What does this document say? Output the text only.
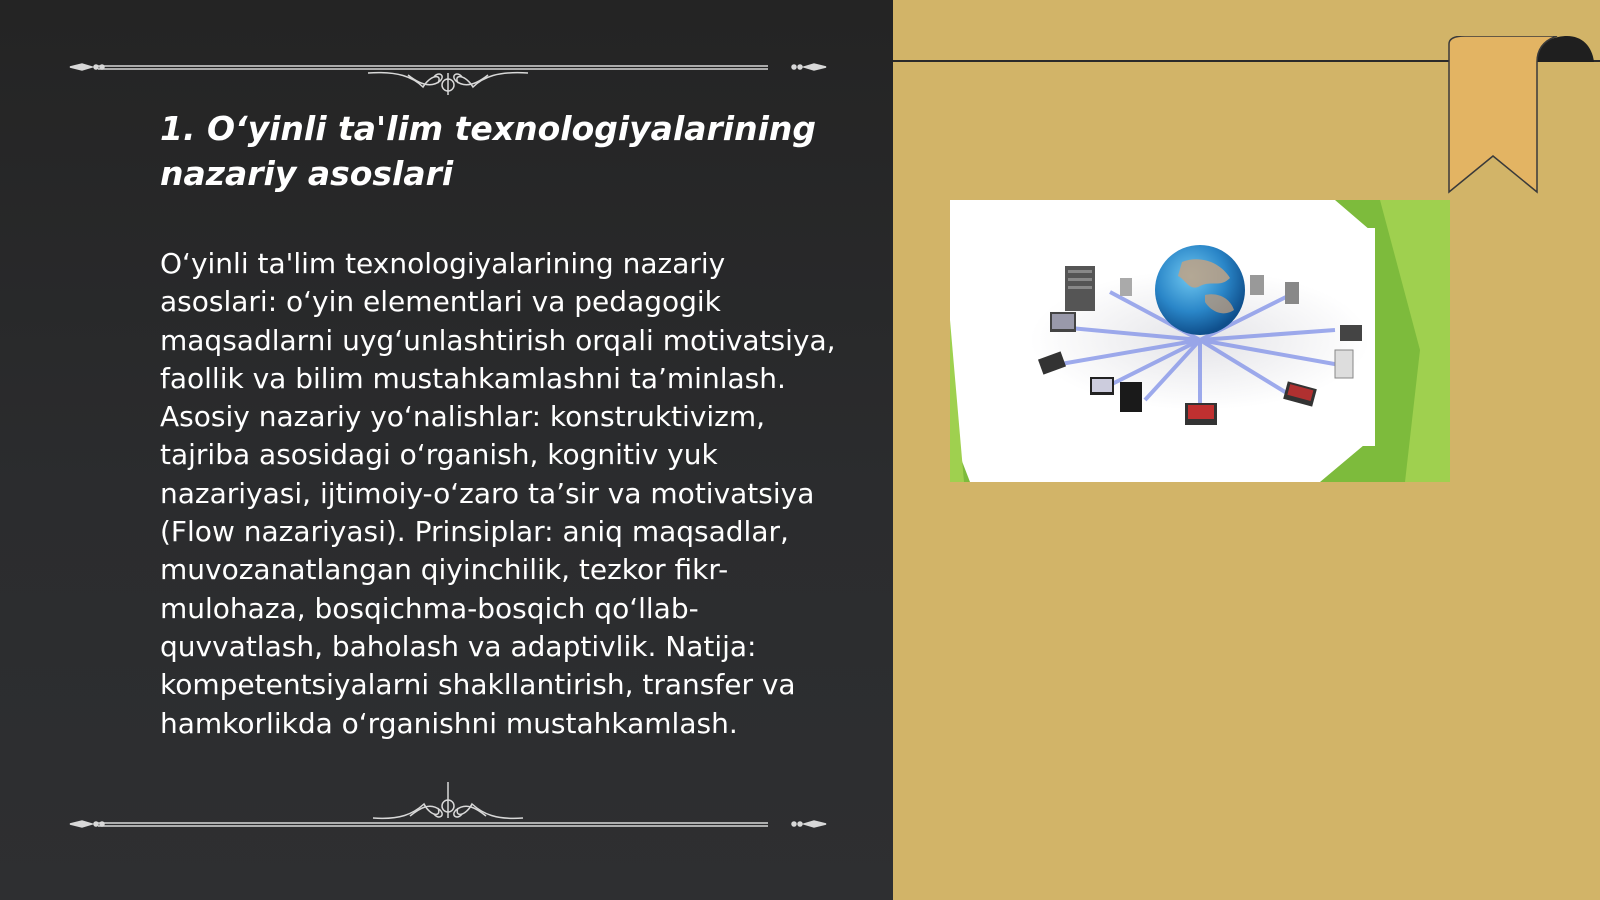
1. O‘yinli ta'lim texnologiyalarining nazariy asoslari

O‘yinli ta'lim texnologiyalarining nazariy asoslari: o‘yin elementlari va pedagogik maqsadlarni uyg‘unlashtirish orqali motivatsiya, faollik va bilim mustahkamlashni ta’minlash. Asosiy nazariy yo‘nalishlar: konstruktivizm, tajriba asosidagi o‘rganish, kognitiv yuk nazariyasi, ijtimoiy-o‘zaro ta’sir va motivatsiya (Flow nazariyasi). Prinsiplar: aniq maqsadlar, muvozanatlangan qiyinchilik, tezkor fikr-mulohaza, bosqichma-bosqich qo‘llab-quvvatlash, baholash va adaptivlik. Natija: kompetentsiyalarni shakllantirish, transfer va hamkorlikda o‘rganishni mustahkamlash.
